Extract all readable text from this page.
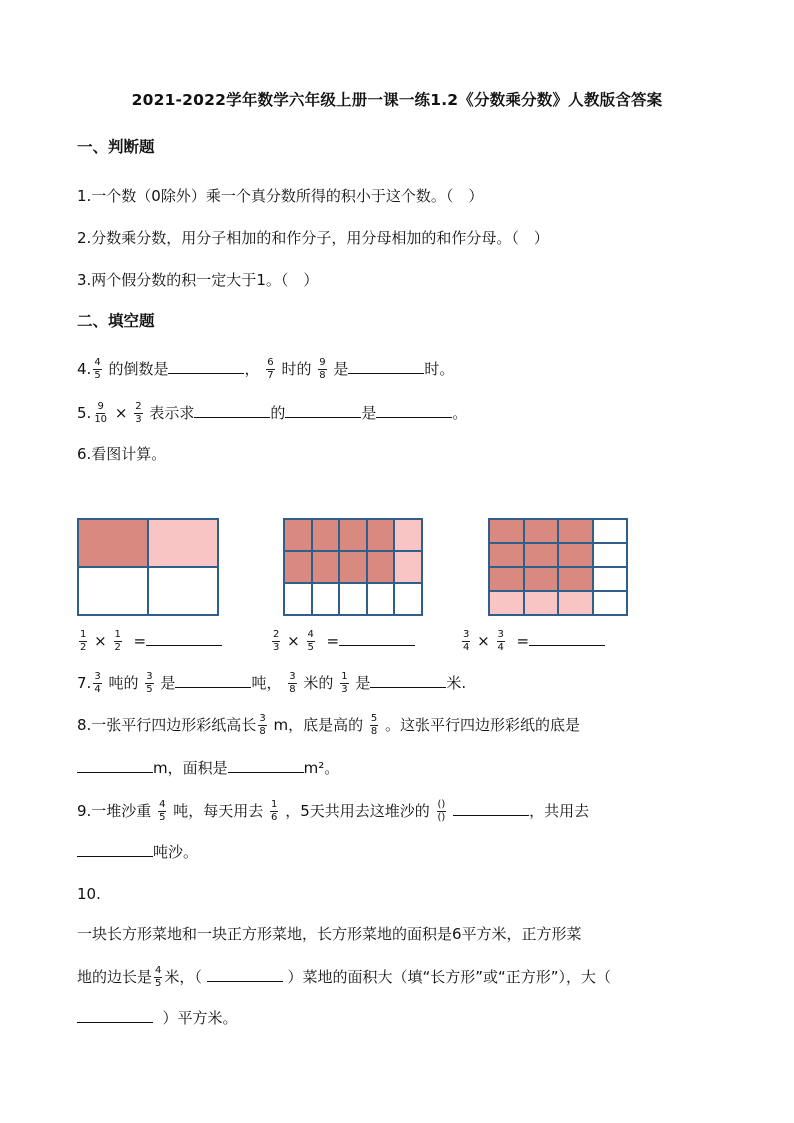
2021-2022学年数学六年级上册一课一练1.2《分数乘分数》人教版含答案
一、判断题
1.一个数（0除外）乘一个真分数所得的积小于这个数。（　）
2.分数乘分数，用分子相加的和作分子，用分母相加的和作分母。（　）
3.两个假分数的积一定大于1。（　）
二、填空题
4. $\frac{4}{5}$ 的倒数是	， $\frac{6}{7}$ 时的 $\frac{9}{8}$ 是	时。
5. $\frac{9}{10} \times \frac{2}{3}$ 表示求	的	是	。
6.看图计算。
$\frac{1}{2} \times \frac{1}{2}$ =	$\frac{2}{3} \times \frac{4}{5}$ =	$\frac{3}{4} \times \frac{3}{4}$ =
7. $\frac{3}{4}$ 吨的 $\frac{3}{5}$ 是	吨， $\frac{3}{8}$ 米的 $\frac{1}{3}$ 是	米.
8.一张平行四边形彩纸高长 $\frac{3}{8}$ m，底是高的 $\frac{5}{8}$ 。这张平行四边形彩纸的底是
m，面积是	m²。
9.一堆沙重 $\frac{4}{5}$ 吨，每天用去 $\frac{1}{6}$ ，5天共用去这堆沙的 $\frac{()}{()}$	，共用去
吨沙。
10.
一块长方形菜地和一块正方形菜地，长方形菜地的面积是6平方米，正方形菜
地的边长是 $\frac{4}{5}$ 米，（	）菜地的面积大（填“长方形”或“正方形”），大（
）平方米。
